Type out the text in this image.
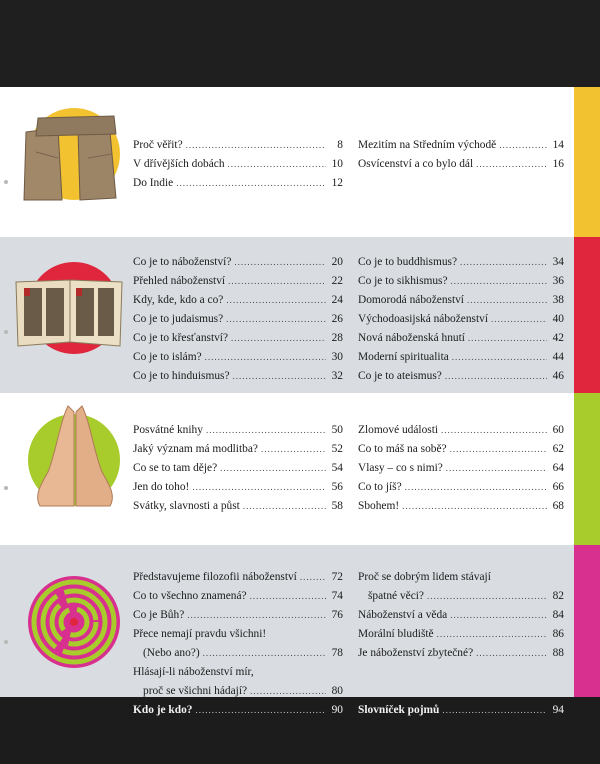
Proč věřit? .....	8
V dřívějších dobách .....	10
Do Indie .....	12
Mezitím na Středním východě .....	14
Osvícenství a co bylo dál .....	16
Co je to náboženství? .....	20
Přehled náboženství .....	22
Kdy, kde, kdo a co? .....	24
Co je to judaismus? .....	26
Co je to křesťanství? .....	28
Co je to islám? .....	30
Co je to hinduismus? .....	32
Co je to buddhismus? .....	34
Co je to sikhismus? .....	36
Domorodá náboženství .....	38
Východoasijská náboženství .....	40
Nová náboženská hnutí .....	42
Moderní spiritualita .....	44
Co je to ateismus? .....	46
Posvátné knihy .....	50
Jaký význam má modlitba? .....	52
Co se to tam děje? .....	54
Jen do toho! .....	56
Svátky, slavnosti a půst .....	58
Zlomové události .....	60
Co to máš na sobě? .....	62
Vlasy – co s nimi? .....	64
Co to jíš? .....	66
Sbohem! .....	68
Představujeme filozofii náboženství .....	72
Co to všechno znamená? .....	74
Co je Bůh? .....	76
Přece nemají pravdu všichni!
(Nebo ano?) .....	78
Hlásají-li náboženství mír,
proč se všichni hádají? .....	80
Proč se dobrým lidem stávají
špatné věci? .....	82
Náboženství a věda .....	84
Morální bludiště .....	86
Je náboženství zbytečné? .....	88
Kdo je kdo? .....	90 Slovníček pojmů .....	94
